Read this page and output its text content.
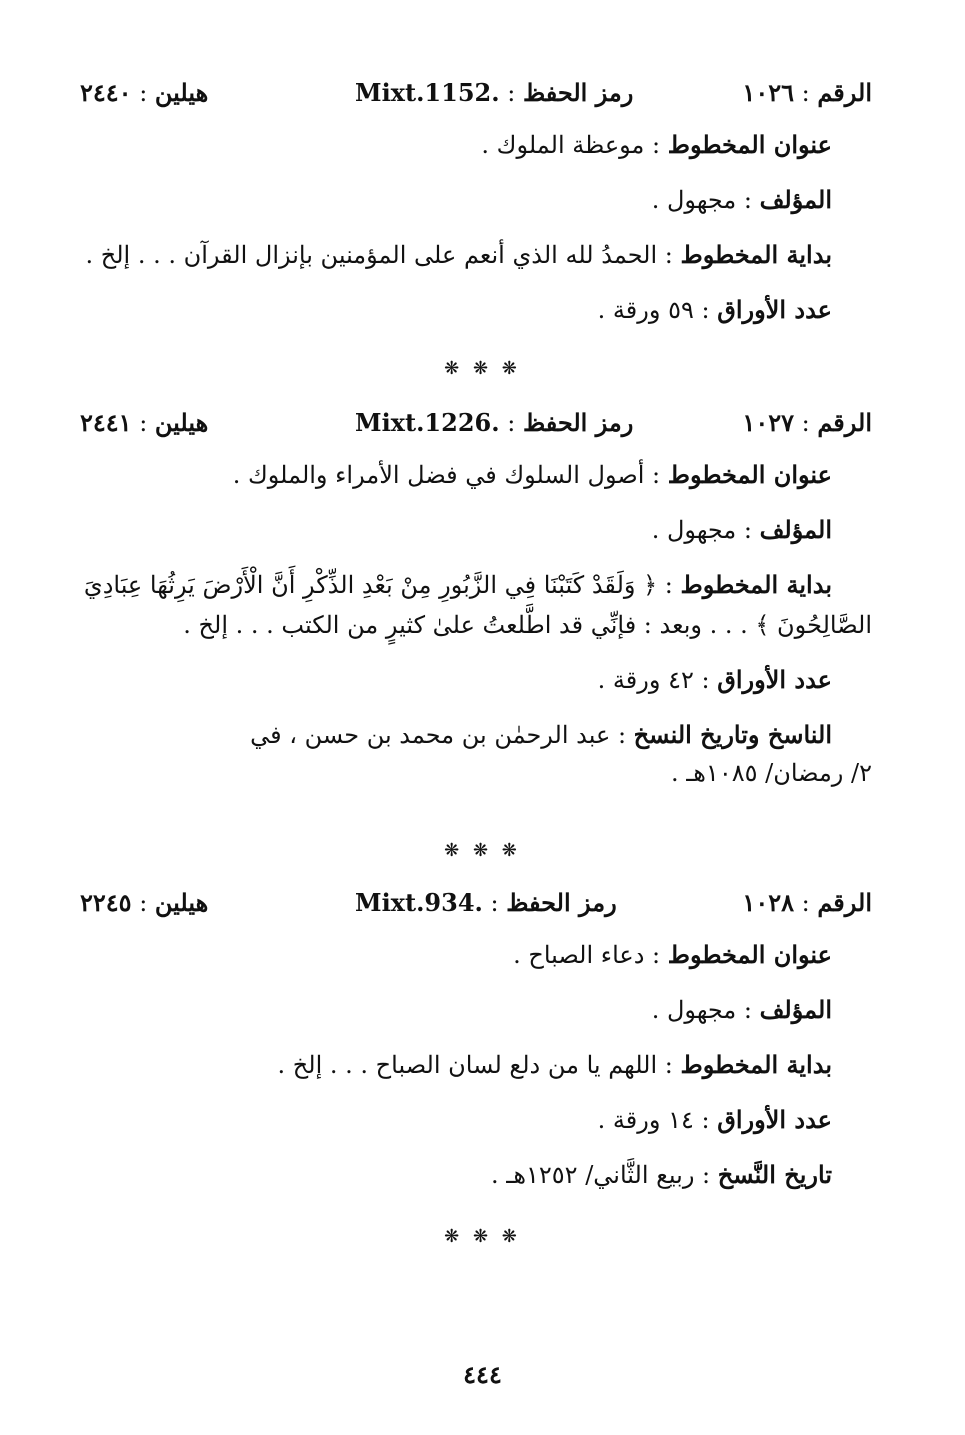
الرقم : ١٠٢٦
رمز الحفظ : Mixt.1152.
هيلين : ٢٤٤٠

عنوان المخطوط : موعظة الملوك .

المؤلف : مجهول .

بداية المخطوط : الحمدُ لله الذي أنعم على المؤمنين بإنزال القرآن . . . إلخ .

عدد الأوراق : ٥٩ ورقة .

❋ ❋ ❋
الرقم : ١٠٢٧
رمز الحفظ : Mixt.1226.
هيلين : ٢٤٤١

عنوان المخطوط : أصول السلوك في فضل الأمراء والملوك .

المؤلف : مجهول .

بداية المخطوط : ﴿ وَلَقَدْ كَتَبْنَا فِي الزَّبُورِ مِنْ بَعْدِ الذِّكْرِ أَنَّ الْأَرْضَ يَرِثُهَا عِبَادِيَ

الصَّالِحُونَ ﴾ . . . وبعد : فإنِّي قد اطَّلعتُ علىٰ كثيرٍ من الكتب . . . إلخ .

عدد الأوراق : ٤٢ ورقة .

الناسخ وتاريخ النسخ : عبد الرحمٰن بن محمد بن حسن ، في

٢/ رمضان/ ١٠٨٥هـ .

❋ ❋ ❋
الرقم : ١٠٢٨
رمز الحفظ : Mixt.934.
هيلين : ٢٢٤٥

عنوان المخطوط : دعاء الصباح .

المؤلف : مجهول .

بداية المخطوط : اللهم يا من دلع لسان الصباح . . . إلخ .

عدد الأوراق : ١٤ ورقة .

تاريخ النَّسخ : ربيع الثَّاني/ ١٢٥٢هـ .

❋ ❋ ❋
٤٤٤
